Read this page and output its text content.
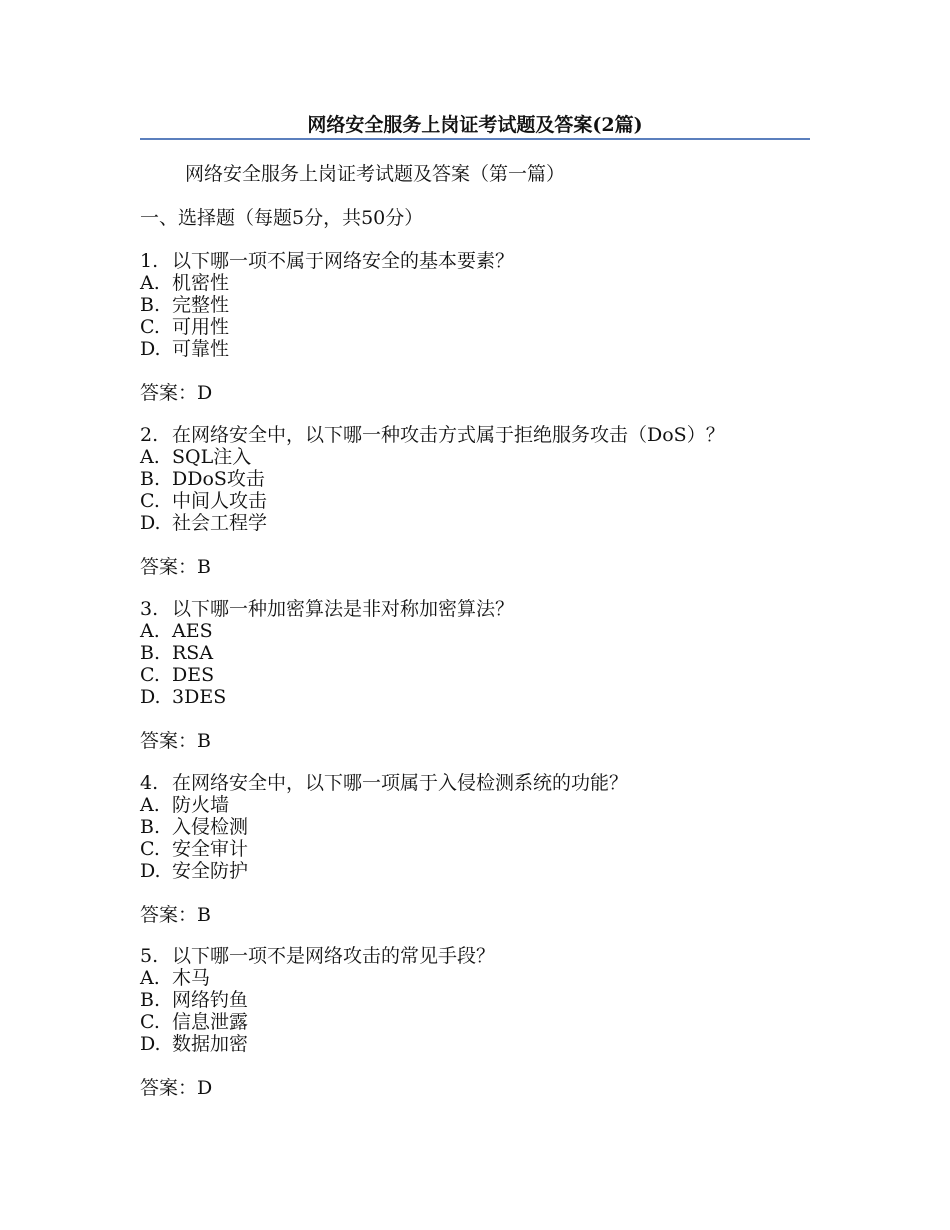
网络安全服务上岗证考试题及答案(2篇)
网络安全服务上岗证考试题及答案（第一篇）
一、选择题（每题5分，共50分）
1. 以下哪一项不属于网络安全的基本要素？
A. 机密性
B. 完整性
C. 可用性
D. 可靠性
答案：D
2. 在网络安全中，以下哪一种攻击方式属于拒绝服务攻击（DoS）？
A. SQL注入
B. DDoS攻击
C. 中间人攻击
D. 社会工程学
答案：B
3. 以下哪一种加密算法是非对称加密算法？
A. AES
B. RSA
C. DES
D. 3DES
答案：B
4. 在网络安全中，以下哪一项属于入侵检测系统的功能？
A. 防火墙
B. 入侵检测
C. 安全审计
D. 安全防护
答案：B
5. 以下哪一项不是网络攻击的常见手段？
A. 木马
B. 网络钓鱼
C. 信息泄露
D. 数据加密
答案：D
